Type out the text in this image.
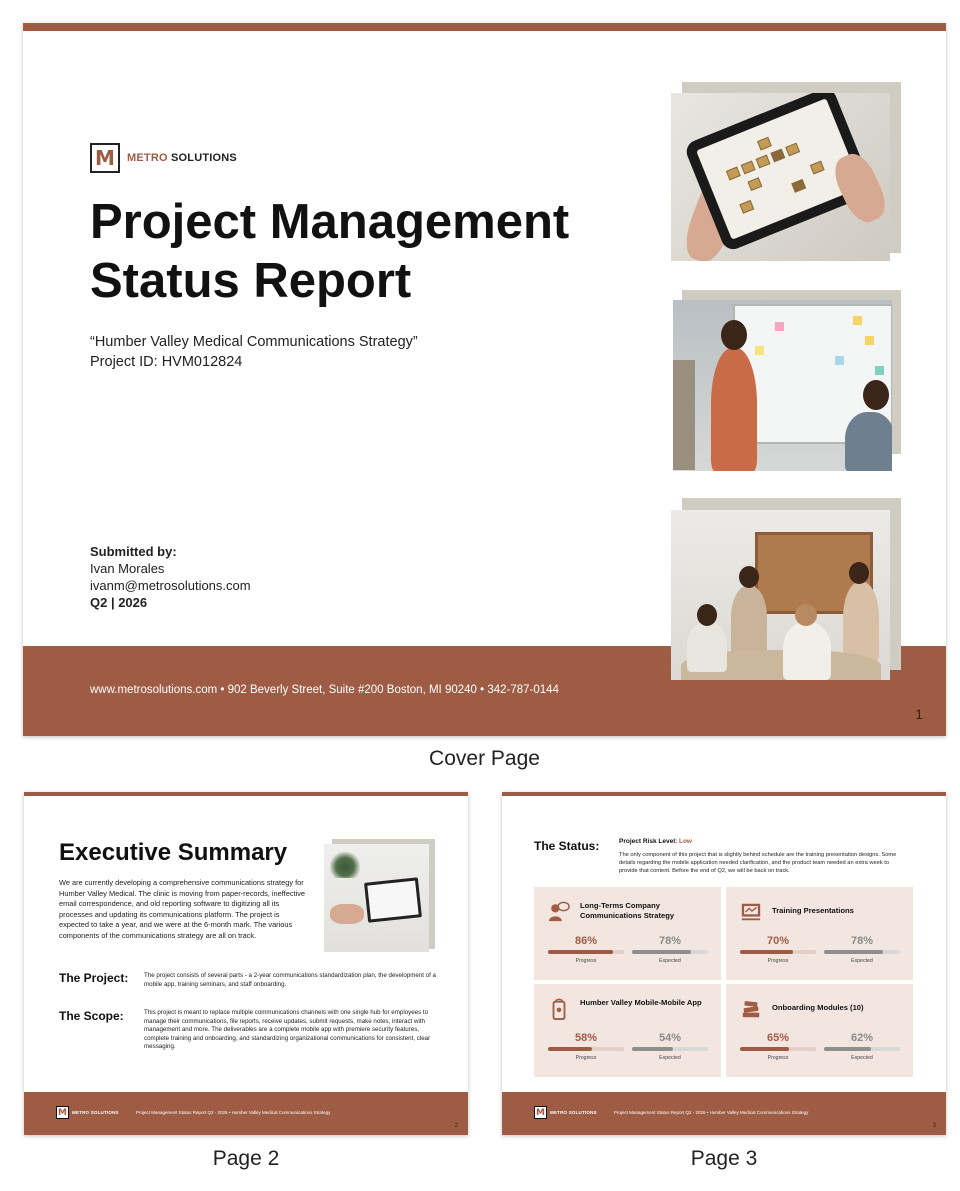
M	METRO SOLUTIONS
Project Management Status Report
“Humber Valley Medical Communications Strategy”
Project ID: HVM012824
Submitted by:
Ivan Morales
ivanm@metrosolutions.com
Q2 | 2026
www.metrosolutions.com • 902 Beverly Street, Suite #200 Boston, MI 90240 • 342-787-0144
1
Cover Page
Executive Summary
We are currently developing a comprehensive communications strategy for Humber Valley Medical. The clinic is moving from paper-records, ineffective email correspondence, and old reporting software to digitizing all its processes and updating its communications platform. The project is expected to take a year, and we were at the 6-month mark. The various components of the communications strategy are all on track.
The Project:	The project consists of several parts - a 2-year communications standardization plan, the development of a mobile app, training seminars, and staff onboarding.
The Scope:	This project is meant to replace multiple communications channels with one single hub for employees to manage their communications, file reports, receive updates, submit requests, make notes, interact with management and more. The deliverables are a complete mobile app with premiere security features, complete training and onboarding, and standardizing organizational communications for consistent, clear messaging.
M	METRO SOLUTIONS	Project Management Status Report Q2 - 2026 • Humber Valley Medical Communications Strategy
2
Page 2
The Status:	Project Risk Level: Low
The only component of this project that is slightly behind schedule are the training presentation designs. Some details regarding the mobile application needed clarification, and the product team needed an extra week to provide that content. Before the end of Q2, we will be back on track.
Long-Terms Company Communications Strategy
86%
Progress
78%
Expected
Training Presentations
70%
Progress
78%
Expected
Humber Valley Mobile-Mobile App
58%
Progress
54%
Expected
Onboarding Modules (10)
65%
Progress
62%
Expected
M	METRO SOLUTIONS	Project Management Status Report Q2 - 2026 • Humber Valley Medical Communications Strategy
3
Page 3
